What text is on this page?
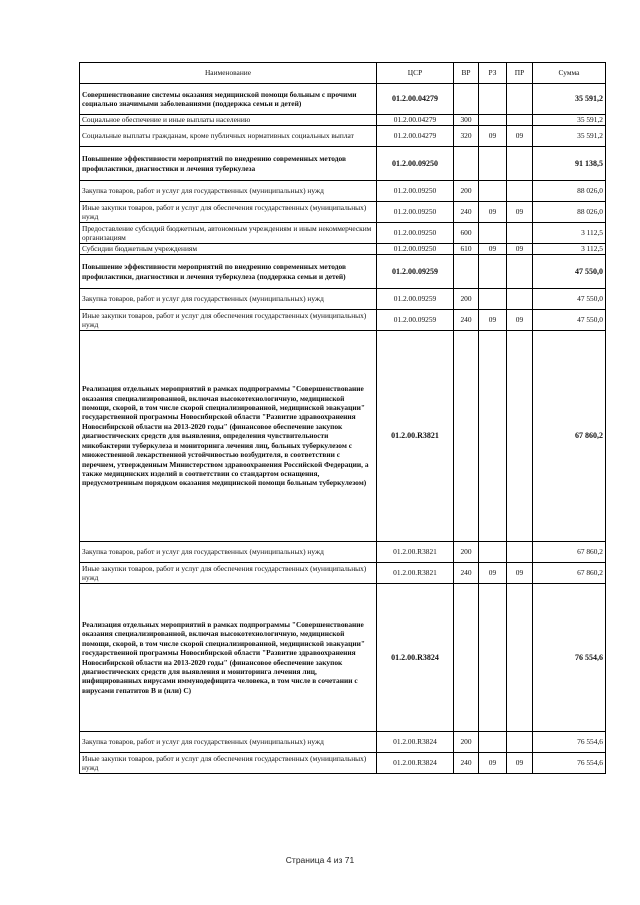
Наименование	ЦСР	ВР	РЗ	ПР	Сумма
Совершенствование системы оказания медицинской помощи больным с прочими социально значимыми заболеваниями (поддержка семьи и детей)	01.2.00.04279				35 591,2
Социальное обеспечение и иные выплаты населению	01.2.00.04279	300			35 591,2
Социальные выплаты гражданам, кроме публичных нормативных социальных выплат	01.2.00.04279	320	09	09	35 591,2
Повышение эффективности мероприятий по внедрению современных методов профилактики, диагностики и лечения туберкулеза	01.2.00.09250				91 138,5
Закупка товаров, работ и услуг для государственных (муниципальных) нужд	01.2.00.09250	200			88 026,0
Иные закупки товаров, работ и услуг для обеспечения государственных (муниципальных) нужд	01.2.00.09250	240	09	09	88 026,0
Предоставление субсидий бюджетным, автономным учреждениям и иным некоммерческим организациям	01.2.00.09250	600			3 112,5
Субсидии бюджетным учреждениям	01.2.00.09250	610	09	09	3 112,5
Повышение эффективности мероприятий по внедрению современных методов профилактики, диагностики и лечения туберкулеза (поддержка семьи и детей)	01.2.00.09259				47 550,0
Закупка товаров, работ и услуг для государственных (муниципальных) нужд	01.2.00.09259	200			47 550,0
Иные закупки товаров, работ и услуг для обеспечения государственных (муниципальных) нужд	01.2.00.09259	240	09	09	47 550,0
Реализация отдельных мероприятий в рамках подпрограммы "Совершенствование оказания специализированной, включая высокотехнологичную, медицинской помощи, скорой, в том числе скорой специализированной, медицинской эвакуации" государственной программы Новосибирской области "Развитие здравоохранения Новосибирской области на 2013-2020 годы" (финансовое обеспечение закупок диагностических средств для выявления, определения чувствительности микобактерии туберкулеза и мониторинга лечения лиц, больных туберкулезом с множественной лекарственной устойчивостью возбудителя, в соответствии с перечнем, утвержденным Министерством здравоохранения Российской Федерации, а также медицинских изделий в соответствии со стандартом оснащения, предусмотренным порядком оказания медицинской помощи больным туберкулезом)	01.2.00.R3821				67 860,2
Закупка товаров, работ и услуг для государственных (муниципальных) нужд	01.2.00.R3821	200			67 860,2
Иные закупки товаров, работ и услуг для обеспечения государственных (муниципальных) нужд	01.2.00.R3821	240	09	09	67 860,2
Реализация отдельных мероприятий в рамках подпрограммы "Совершенствование оказания специализированной, включая высокотехнологичную, медицинской помощи, скорой, в том числе скорой специализированной, медицинской эвакуации" государственной программы Новосибирской области "Развитие здравоохранения Новосибирской области на 2013-2020 годы" (финансовое обеспечение закупок диагностических средств для выявления и мониторинга лечения лиц, инфицированных вирусами иммунодефицита человека, в том числе в сочетании с вирусами гепатитов В и (или) С)	01.2.00.R3824				76 554,6
Закупка товаров, работ и услуг для государственных (муниципальных) нужд	01.2.00.R3824	200			76 554,6
Иные закупки товаров, работ и услуг для обеспечения государственных (муниципальных) нужд	01.2.00.R3824	240	09	09	76 554,6
Страница 4 из 71
